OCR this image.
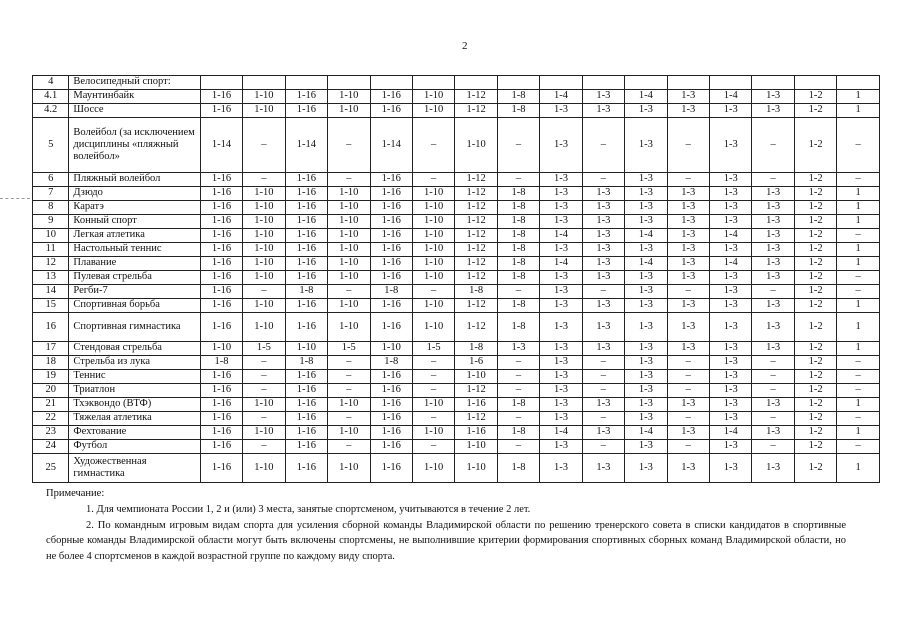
2
4	Велосипедный спорт:																
4.1	Маунтинбайк	1-16	1-10	1-16	1-10	1-16	1-10	1-12	1-8	1-4	1-3	1-4	1-3	1-4	1-3	1-2	1
4.2	Шоссе	1-16	1-10	1-16	1-10	1-16	1-10	1-12	1-8	1-3	1-3	1-3	1-3	1-3	1-3	1-2	1
5	Волейбол (за исключением дисциплины «пляжный волейбол»	1-14	–	1-14	–	1-14	–	1-10	–	1-3	–	1-3	–	1-3	–	1-2	–
6	Пляжный волейбол	1-16	–	1-16	–	1-16	–	1-12	–	1-3	–	1-3	–	1-3	–	1-2	–
7	Дзюдо	1-16	1-10	1-16	1-10	1-16	1-10	1-12	1-8	1-3	1-3	1-3	1-3	1-3	1-3	1-2	1
8	Каратэ	1-16	1-10	1-16	1-10	1-16	1-10	1-12	1-8	1-3	1-3	1-3	1-3	1-3	1-3	1-2	1
9	Конный спорт	1-16	1-10	1-16	1-10	1-16	1-10	1-12	1-8	1-3	1-3	1-3	1-3	1-3	1-3	1-2	1
10	Легкая атлетика	1-16	1-10	1-16	1-10	1-16	1-10	1-12	1-8	1-4	1-3	1-4	1-3	1-4	1-3	1-2	–
11	Настольный теннис	1-16	1-10	1-16	1-10	1-16	1-10	1-12	1-8	1-3	1-3	1-3	1-3	1-3	1-3	1-2	1
12	Плавание	1-16	1-10	1-16	1-10	1-16	1-10	1-12	1-8	1-4	1-3	1-4	1-3	1-4	1-3	1-2	1
13	Пулевая стрельба	1-16	1-10	1-16	1-10	1-16	1-10	1-12	1-8	1-3	1-3	1-3	1-3	1-3	1-3	1-2	–
14	Регби-7	1-16	–	1-8	–	1-8	–	1-8	–	1-3	–	1-3	–	1-3	–	1-2	–
15	Спортивная борьба	1-16	1-10	1-16	1-10	1-16	1-10	1-12	1-8	1-3	1-3	1-3	1-3	1-3	1-3	1-2	1
16	Спортивная гимнастика	1-16	1-10	1-16	1-10	1-16	1-10	1-12	1-8	1-3	1-3	1-3	1-3	1-3	1-3	1-2	1
17	Стендовая стрельба	1-10	1-5	1-10	1-5	1-10	1-5	1-8	1-3	1-3	1-3	1-3	1-3	1-3	1-3	1-2	1
18	Стрельба из лука	1-8	–	1-8	–	1-8	–	1-6	–	1-3	–	1-3	–	1-3	–	1-2	–
19	Теннис	1-16	–	1-16	–	1-16	–	1-10	–	1-3	–	1-3	–	1-3	–	1-2	–
20	Триатлон	1-16	–	1-16	–	1-16	–	1-12	–	1-3	–	1-3	–	1-3	–	1-2	–
21	Тхэквондо (ВТФ)	1-16	1-10	1-16	1-10	1-16	1-10	1-16	1-8	1-3	1-3	1-3	1-3	1-3	1-3	1-2	1
22	Тяжелая атлетика	1-16	–	1-16	–	1-16	–	1-12	–	1-3	–	1-3	–	1-3	–	1-2	–
23	Фехтование	1-16	1-10	1-16	1-10	1-16	1-10	1-16	1-8	1-4	1-3	1-4	1-3	1-4	1-3	1-2	1
24	Футбол	1-16	–	1-16	–	1-16	–	1-10	–	1-3	–	1-3	–	1-3	–	1-2	–
25	Художественная гимнастика	1-16	1-10	1-16	1-10	1-16	1-10	1-10	1-8	1-3	1-3	1-3	1-3	1-3	1-3	1-2	1

Примечание:

1. Для чемпионата России 1, 2 и (или) 3 места, занятые спортсменом, учитываются в течение 2 лет.

2. По командным игровым видам спорта для усиления сборной команды Владимирской области по решению тренерского совета в списки кандидатов в спортивные сборные команды Владимирской области могут быть включены спортсмены, не выполнившие критерии формирования спортивных сборных команд Владимирской области, но не более 4 спортсменов в каждой возрастной группе по каждому виду спорта.
